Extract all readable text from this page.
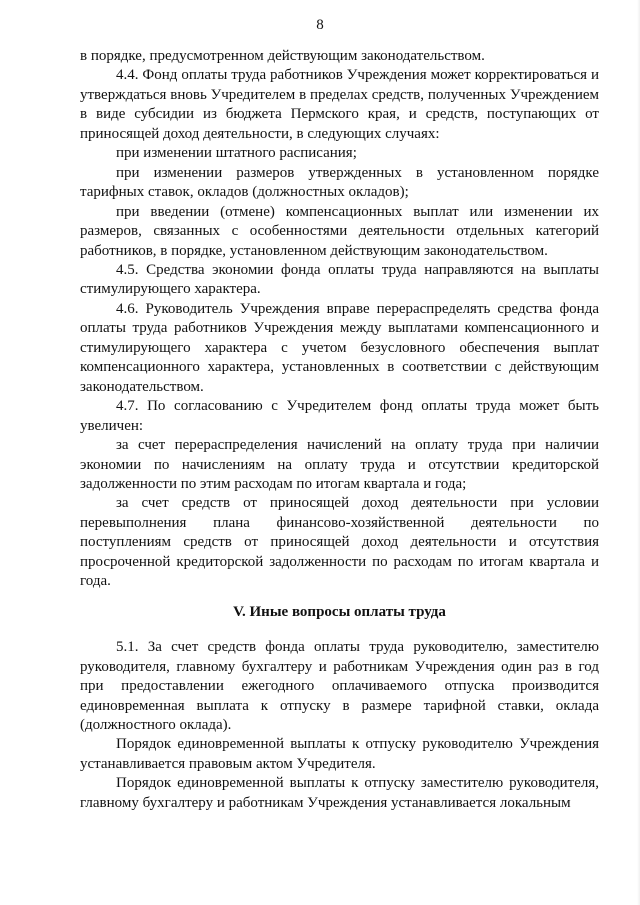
8

в порядке, предусмотренном действующим законодательством.

4.4. Фонд оплаты труда работников Учреждения может корректироваться и утверждаться вновь Учредителем в пределах средств, полученных Учреждением в виде субсидии из бюджета Пермского края, и средств, поступающих от приносящей доход деятельности, в следующих случаях:

при изменении штатного расписания;

при изменении размеров утвержденных в установленном порядке тарифных ставок, окладов (должностных окладов);

при введении (отмене) компенсационных выплат или изменении их размеров, связанных с особенностями деятельности отдельных категорий работников, в порядке, установленном действующим законодательством.

4.5. Средства экономии фонда оплаты труда направляются на выплаты стимулирующего характера.

4.6. Руководитель Учреждения вправе перераспределять средства фонда оплаты труда работников Учреждения между выплатами компенсационного и стимулирующего характера с учетом безусловного обеспечения выплат компенсационного характера, установленных в соответствии с действующим законодательством.

4.7. По согласованию с Учредителем фонд оплаты труда может быть увеличен:

за счет перераспределения начислений на оплату труда при наличии экономии по начислениям на оплату труда и отсутствии кредиторской задолженности по этим расходам по итогам квартала и года;

за счет средств от приносящей доход деятельности при условии перевыполнения плана финансово-хозяйственной деятельности по поступлениям средств от приносящей доход деятельности и отсутствия просроченной кредиторской задолженности по расходам по итогам квартала и года.

V. Иные вопросы оплаты труда

5.1. За счет средств фонда оплаты труда руководителю, заместителю руководителя, главному бухгалтеру и работникам Учреждения один раз в год при предоставлении ежегодного оплачиваемого отпуска производится единовременная выплата к отпуску в размере тарифной ставки, оклада (должностного оклада).

Порядок единовременной выплаты к отпуску руководителю Учреждения устанавливается правовым актом Учредителя.

Порядок единовременной выплаты к отпуску заместителю руководителя, главному бухгалтеру и работникам Учреждения устанавливается локальным
